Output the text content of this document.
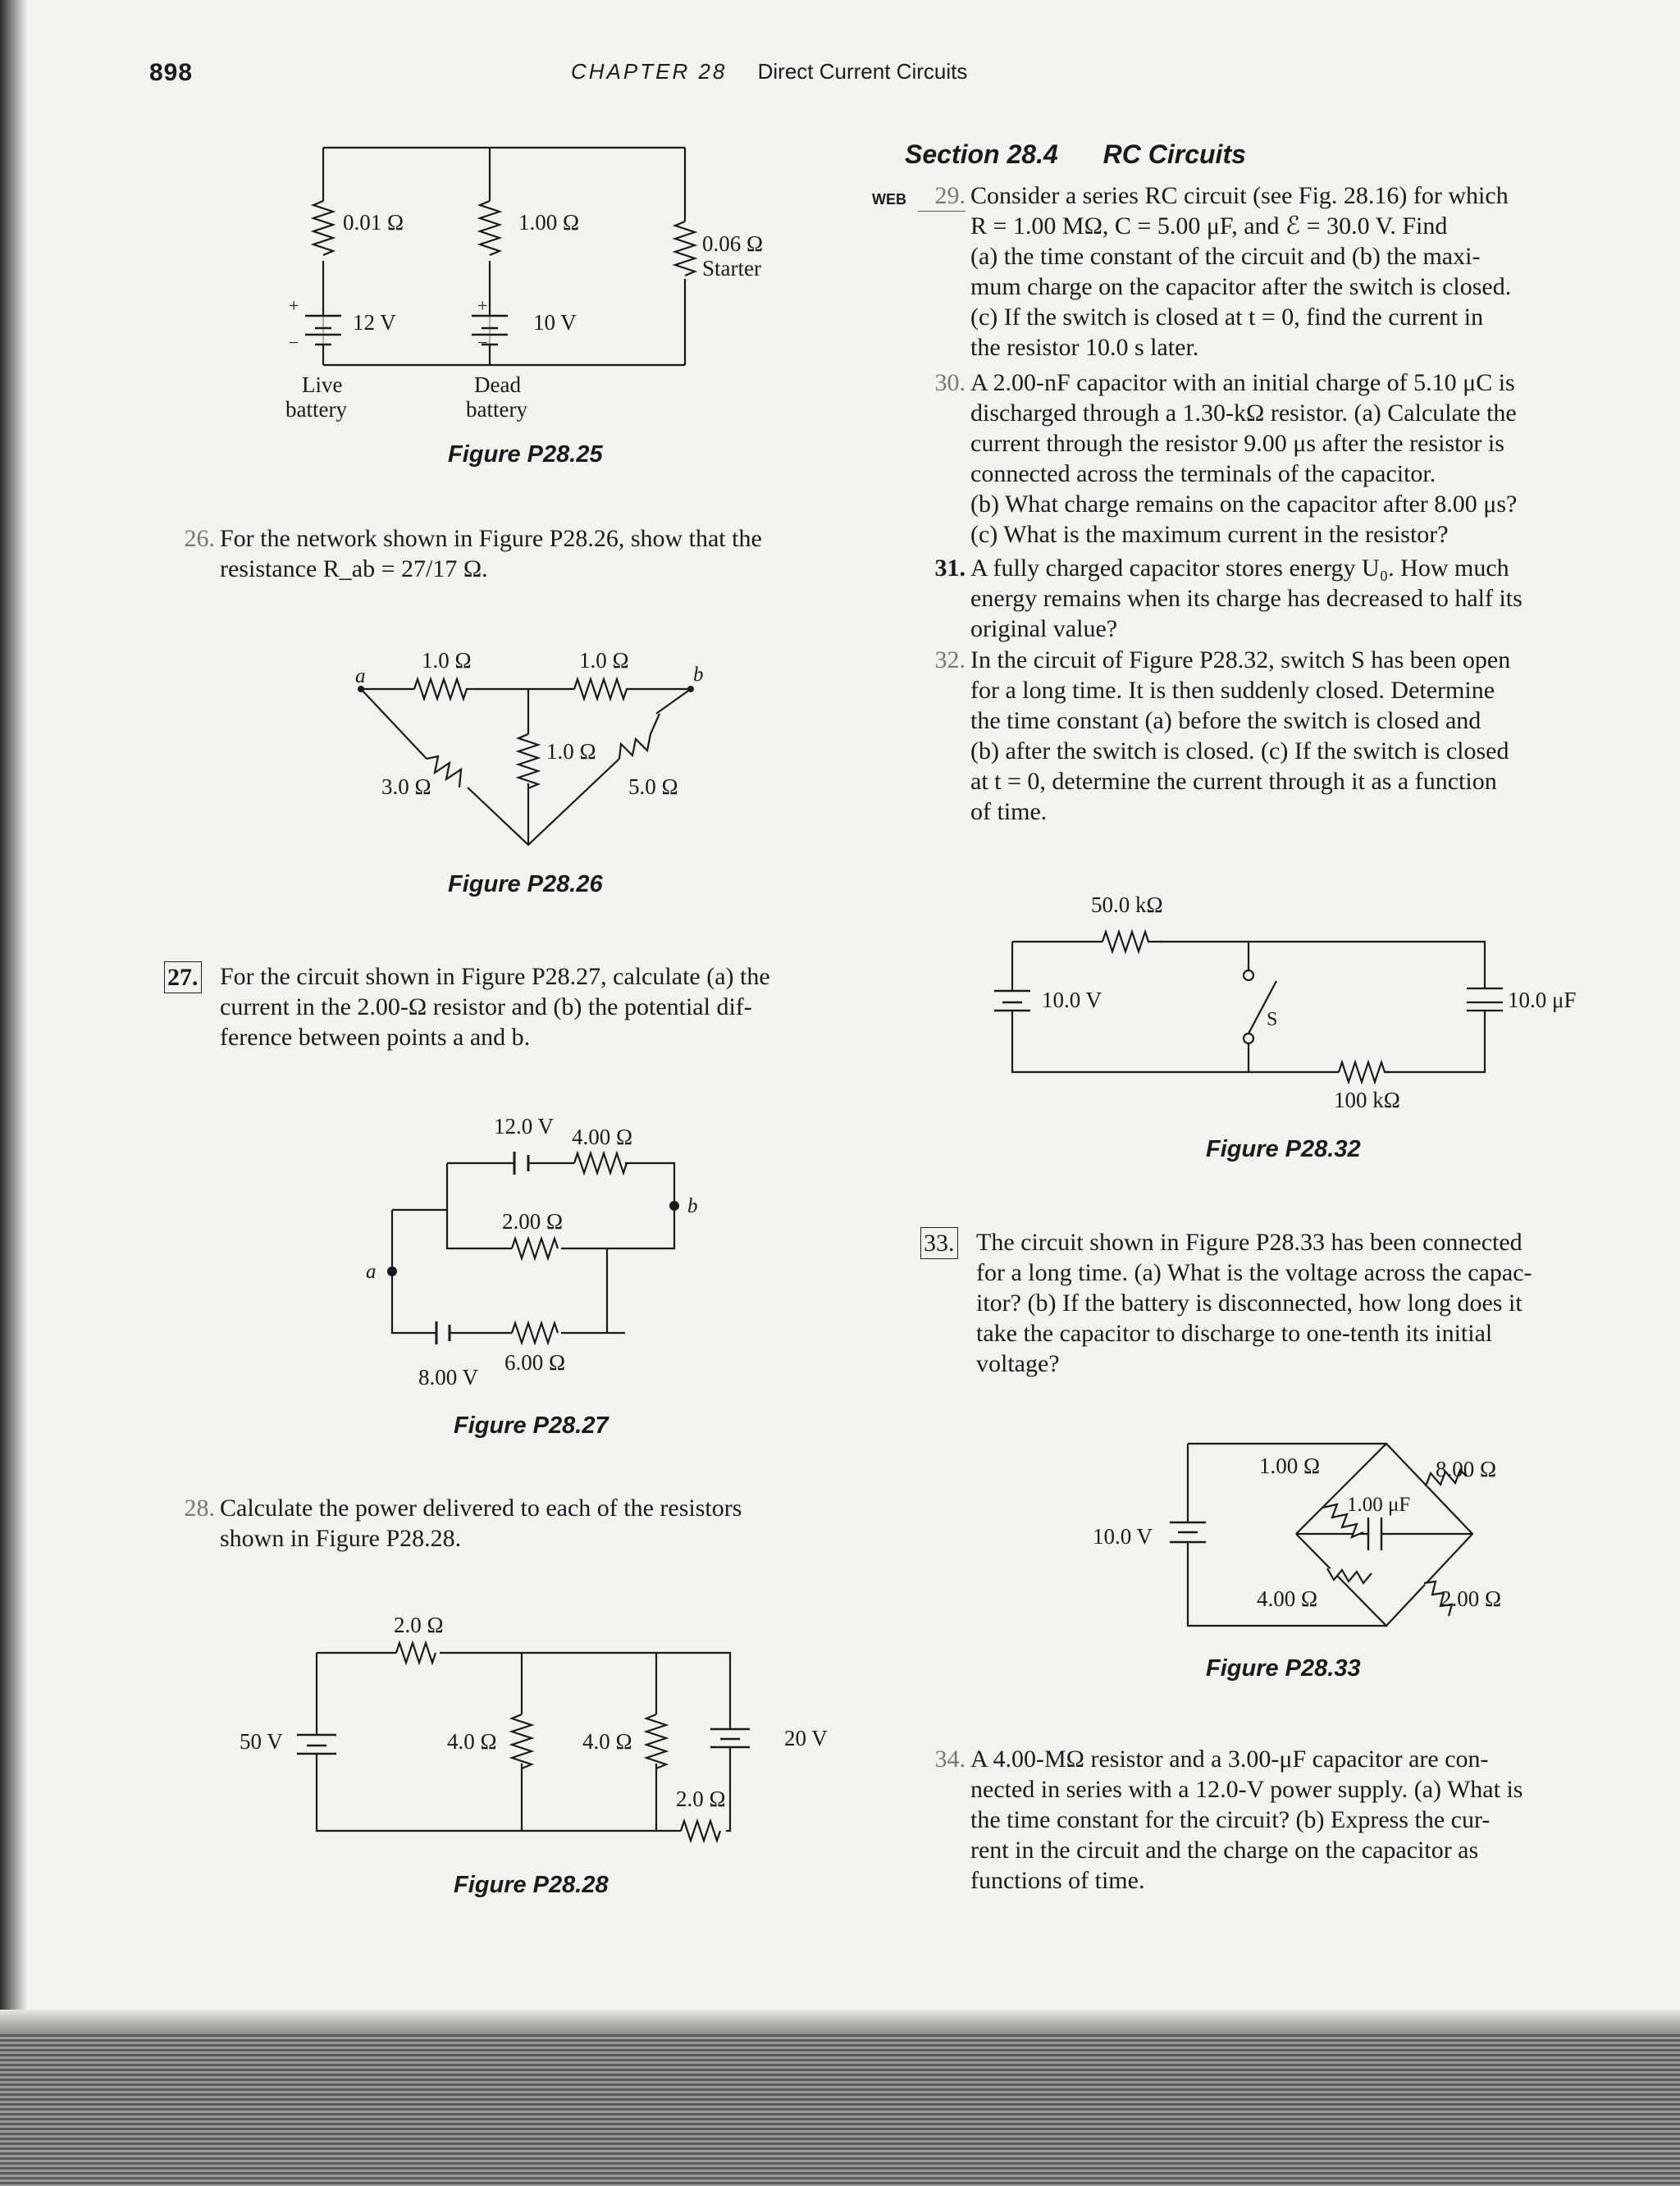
898	CHAPTER 28 Direct Current Circuits
0.01 Ω	1.00 Ω
0.06 Ω
Starter
12 V	10 V
+
−
+
−
Live
battery
Dead
battery
Figure P28.25
26. For the network shown in Figure P28.26, show that the
resistance R_ab = 27/17 Ω.
1.0 Ω	1.0 Ω
1.0 Ω
3.0 Ω	5.0 Ω
a	b
Figure P28.26
27. For the circuit shown in Figure P28.27, calculate (a) the
current in the 2.00-Ω resistor and (b) the potential dif-
ference between points a and b.
12.0 V 4.00 Ω
2.00 Ω
8.00 V
6.00 Ω
a
b
Figure P28.27
28. Calculate the power delivered to each of the resistors
shown in Figure P28.28.
2.0 Ω
50 V	4.0 Ω	4.0 Ω	20 V
2.0 Ω
Figure P28.28
Section 28.4 RC Circuits
WEB	29. Consider a series RC circuit (see Fig. 28.16) for which
R = 1.00 MΩ, C = 5.00 μF, and ℰ = 30.0 V. Find
(a) the time constant of the circuit and (b) the maxi-
mum charge on the capacitor after the switch is closed.
(c) If the switch is closed at t = 0, find the current in
the resistor 10.0 s later.
30. A 2.00-nF capacitor with an initial charge of 5.10 μC is
discharged through a 1.30-kΩ resistor. (a) Calculate the
current through the resistor 9.00 μs after the resistor is
connected across the terminals of the capacitor.
(b) What charge remains on the capacitor after 8.00 μs?
(c) What is the maximum current in the resistor?
31. A fully charged capacitor stores energy U₀. How much
energy remains when its charge has decreased to half its
original value?
32. In the circuit of Figure P28.32, switch S has been open
for a long time. It is then suddenly closed. Determine
the time constant (a) before the switch is closed and
(b) after the switch is closed. (c) If the switch is closed
at t = 0, determine the current through it as a function
of time.
50.0 kΩ
10.0 V
S
10.0 μF
100 kΩ
Figure P28.32
33. The circuit shown in Figure P28.33 has been connected
for a long time. (a) What is the voltage across the capac-
itor? (b) If the battery is disconnected, how long does it
take the capacitor to discharge to one-tenth its initial
voltage?
1.00 Ω	8.00 Ω
1.00 μF
10.0 V
4.00 Ω	2.00 Ω
Figure P28.33
34. A 4.00-MΩ resistor and a 3.00-μF capacitor are con-
nected in series with a 12.0-V power supply. (a) What is
the time constant for the circuit? (b) Express the cur-
rent in the circuit and the charge on the capacitor as
functions of time.
